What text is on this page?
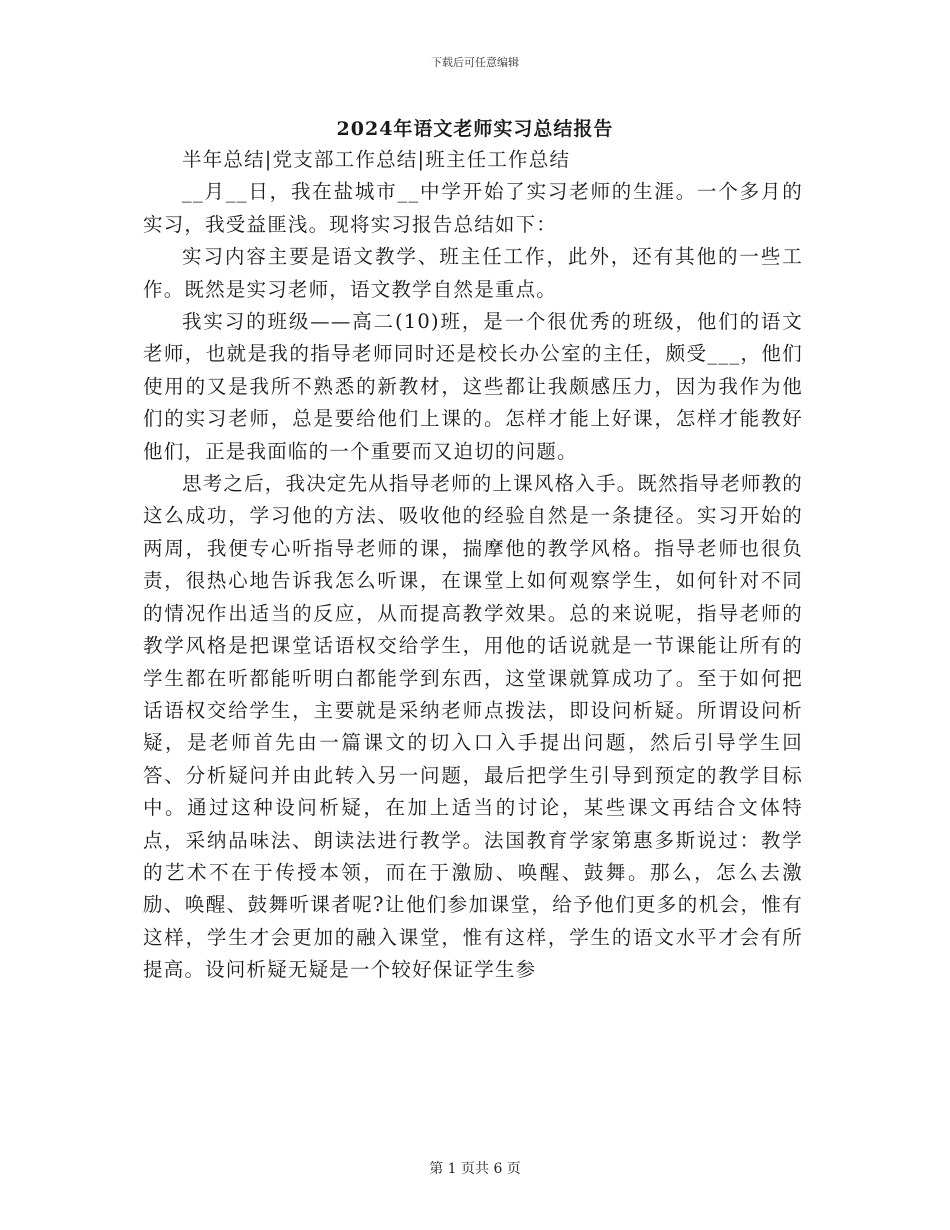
下载后可任意编辑
2024年语文老师实习总结报告

半年总结|党支部工作总结|班主任工作总结

__月__日，我在盐城市__中学开始了实习老师的生涯。一个多月的实习，我受益匪浅。现将实习报告总结如下：

实习内容主要是语文教学、班主任工作，此外，还有其他的一些工作。既然是实习老师，语文教学自然是重点。

我实习的班级——高二(10)班，是一个很优秀的班级，他们的语文老师，也就是我的指导老师同时还是校长办公室的主任，颇受___，他们使用的又是我所不熟悉的新教材，这些都让我颇感压力，因为我作为他们的实习老师，总是要给他们上课的。怎样才能上好课，怎样才能教好他们，正是我面临的一个重要而又迫切的问题。

思考之后，我决定先从指导老师的上课风格入手。既然指导老师教的这么成功，学习他的方法、吸收他的经验自然是一条捷径。实习开始的两周，我便专心听指导老师的课，揣摩他的教学风格。指导老师也很负责，很热心地告诉我怎么听课，在课堂上如何观察学生，如何针对不同的情况作出适当的反应，从而提高教学效果。总的来说呢，指导老师的教学风格是把课堂话语权交给学生，用他的话说就是一节课能让所有的学生都在听都能听明白都能学到东西，这堂课就算成功了。至于如何把话语权交给学生，主要就是采纳老师点拨法，即设问析疑。所谓设问析疑，是老师首先由一篇课文的切入口入手提出问题，然后引导学生回答、分析疑问并由此转入另一问题，最后把学生引导到预定的教学目标中。通过这种设问析疑，在加上适当的讨论，某些课文再结合文体特点，采纳品味法、朗读法进行教学。法国教育学家第惠多斯说过：教学的艺术不在于传授本领，而在于激励、唤醒、鼓舞。那么，怎么去激励、唤醒、鼓舞听课者呢?让他们参加课堂，给予他们更多的机会，惟有这样，学生才会更加的融入课堂，惟有这样，学生的语文水平才会有所提高。设问析疑无疑是一个较好保证学生参

第 1 页共 6 页
